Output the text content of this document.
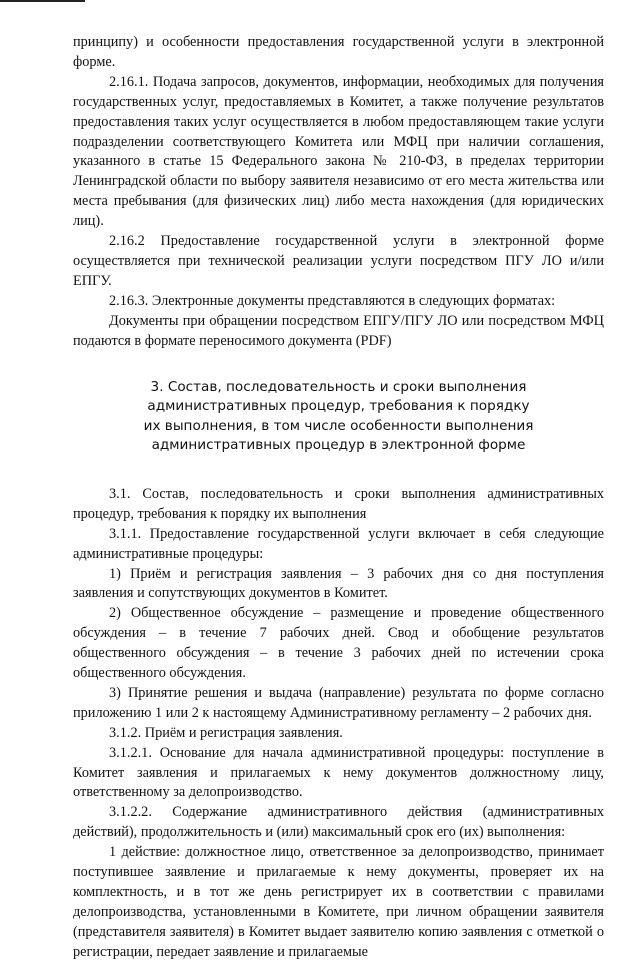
принципу) и особенности предоставления государственной услуги в электронной форме.

2.16.1. Подача запросов, документов, информации, необходимых для получения государственных услуг, предоставляемых в Комитет, а также получение результатов предоставления таких услуг осуществляется в любом предоставляющем такие услуги подразделении соответствующего Комитета или МФЦ при наличии соглашения, указанного в статье 15 Федерального закона № 210-ФЗ, в пределах территории Ленинградской области по выбору заявителя независимо от его места жительства или места пребывания (для физических лиц) либо места нахождения (для юридических лиц).

2.16.2 Предоставление государственной услуги в электронной форме осуществляется при технической реализации услуги посредством ПГУ ЛО и/или ЕПГУ.

2.16.3. Электронные документы представляются в следующих форматах:

Документы при обращении посредством ЕПГУ/ПГУ ЛО или посредством МФЦ подаются в формате переносимого документа (PDF)

3. Состав, последовательность и сроки выполнения
административных процедур, требования к порядку
их выполнения, в том числе особенности выполнения
административных процедур в электронной форме

3.1. Состав, последовательность и сроки выполнения административных процедур, требования к порядку их выполнения

3.1.1. Предоставление государственной услуги включает в себя следующие административные процедуры:

1) Приём и регистрация заявления – 3 рабочих дня со дня поступления заявления и сопутствующих документов в Комитет.

2) Общественное обсуждение – размещение и проведение общественного обсуждения – в течение 7 рабочих дней. Свод и обобщение результатов общественного обсуждения – в течение 3 рабочих дней по истечении срока общественного обсуждения.

3) Принятие решения и выдача (направление) результата по форме согласно приложению 1 или 2 к настоящему Административному регламенту – 2 рабочих дня.

3.1.2. Приём и регистрация заявления.

3.1.2.1. Основание для начала административной процедуры: поступление в Комитет заявления и прилагаемых к нему документов должностному лицу, ответственному за делопроизводство.

3.1.2.2. Содержание административного действия (административных действий), продолжительность и (или) максимальный срок его (их) выполнения:

1 действие: должностное лицо, ответственное за делопроизводство, принимает поступившее заявление и прилагаемые к нему документы, проверяет их на комплектность, и в тот же день регистрирует их в соответствии с правилами делопроизводства, установленными в Комитете, при личном обращении заявителя (представителя заявителя) в Комитет выдает заявителю копию заявления с отметкой о регистрации, передает заявление и прилагаемые
